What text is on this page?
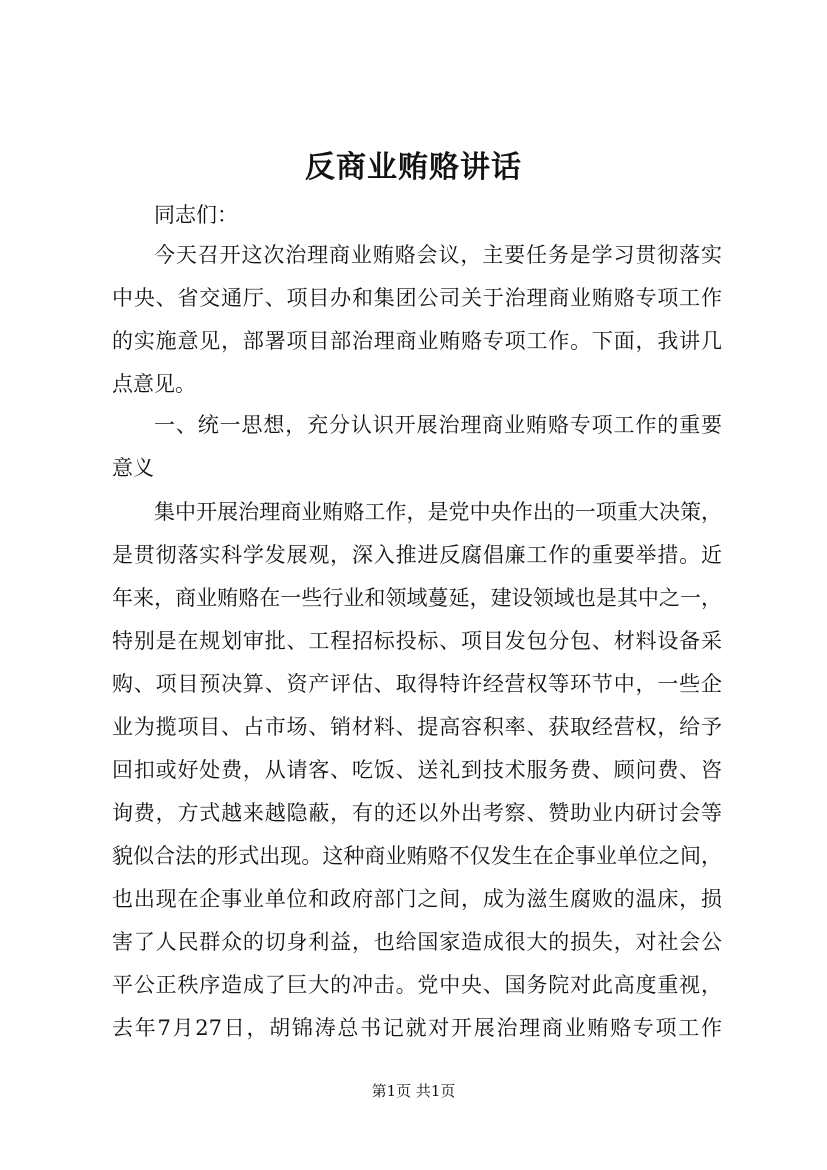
反商业贿赂讲话
同志们：
今天召开这次治理商业贿赂会议，主要任务是学习贯彻落实
中央、省交通厅、项目办和集团公司关于治理商业贿赂专项工作
的实施意见，部署项目部治理商业贿赂专项工作。下面，我讲几
点意见。
一、统一思想，充分认识开展治理商业贿赂专项工作的重要
意义
集中开展治理商业贿赂工作，是党中央作出的一项重大决策，
是贯彻落实科学发展观，深入推进反腐倡廉工作的重要举措。近
年来，商业贿赂在一些行业和领域蔓延，建设领域也是其中之一，
特别是在规划审批、工程招标投标、项目发包分包、材料设备采
购、项目预决算、资产评估、取得特许经营权等环节中，一些企
业为揽项目、占市场、销材料、提高容积率、获取经营权，给予
回扣或好处费，从请客、吃饭、送礼到技术服务费、顾问费、咨
询费，方式越来越隐蔽，有的还以外出考察、赞助业内研讨会等
貌似合法的形式出现。这种商业贿赂不仅发生在企事业单位之间，
也出现在企事业单位和政府部门之间，成为滋生腐败的温床，损
害了人民群众的切身利益，也给国家造成很大的损失，对社会公
平公正秩序造成了巨大的冲击。党中央、国务院对此高度重视，
去年7月27日，胡锦涛总书记就对开展治理商业贿赂专项工作
第1页 共1页
